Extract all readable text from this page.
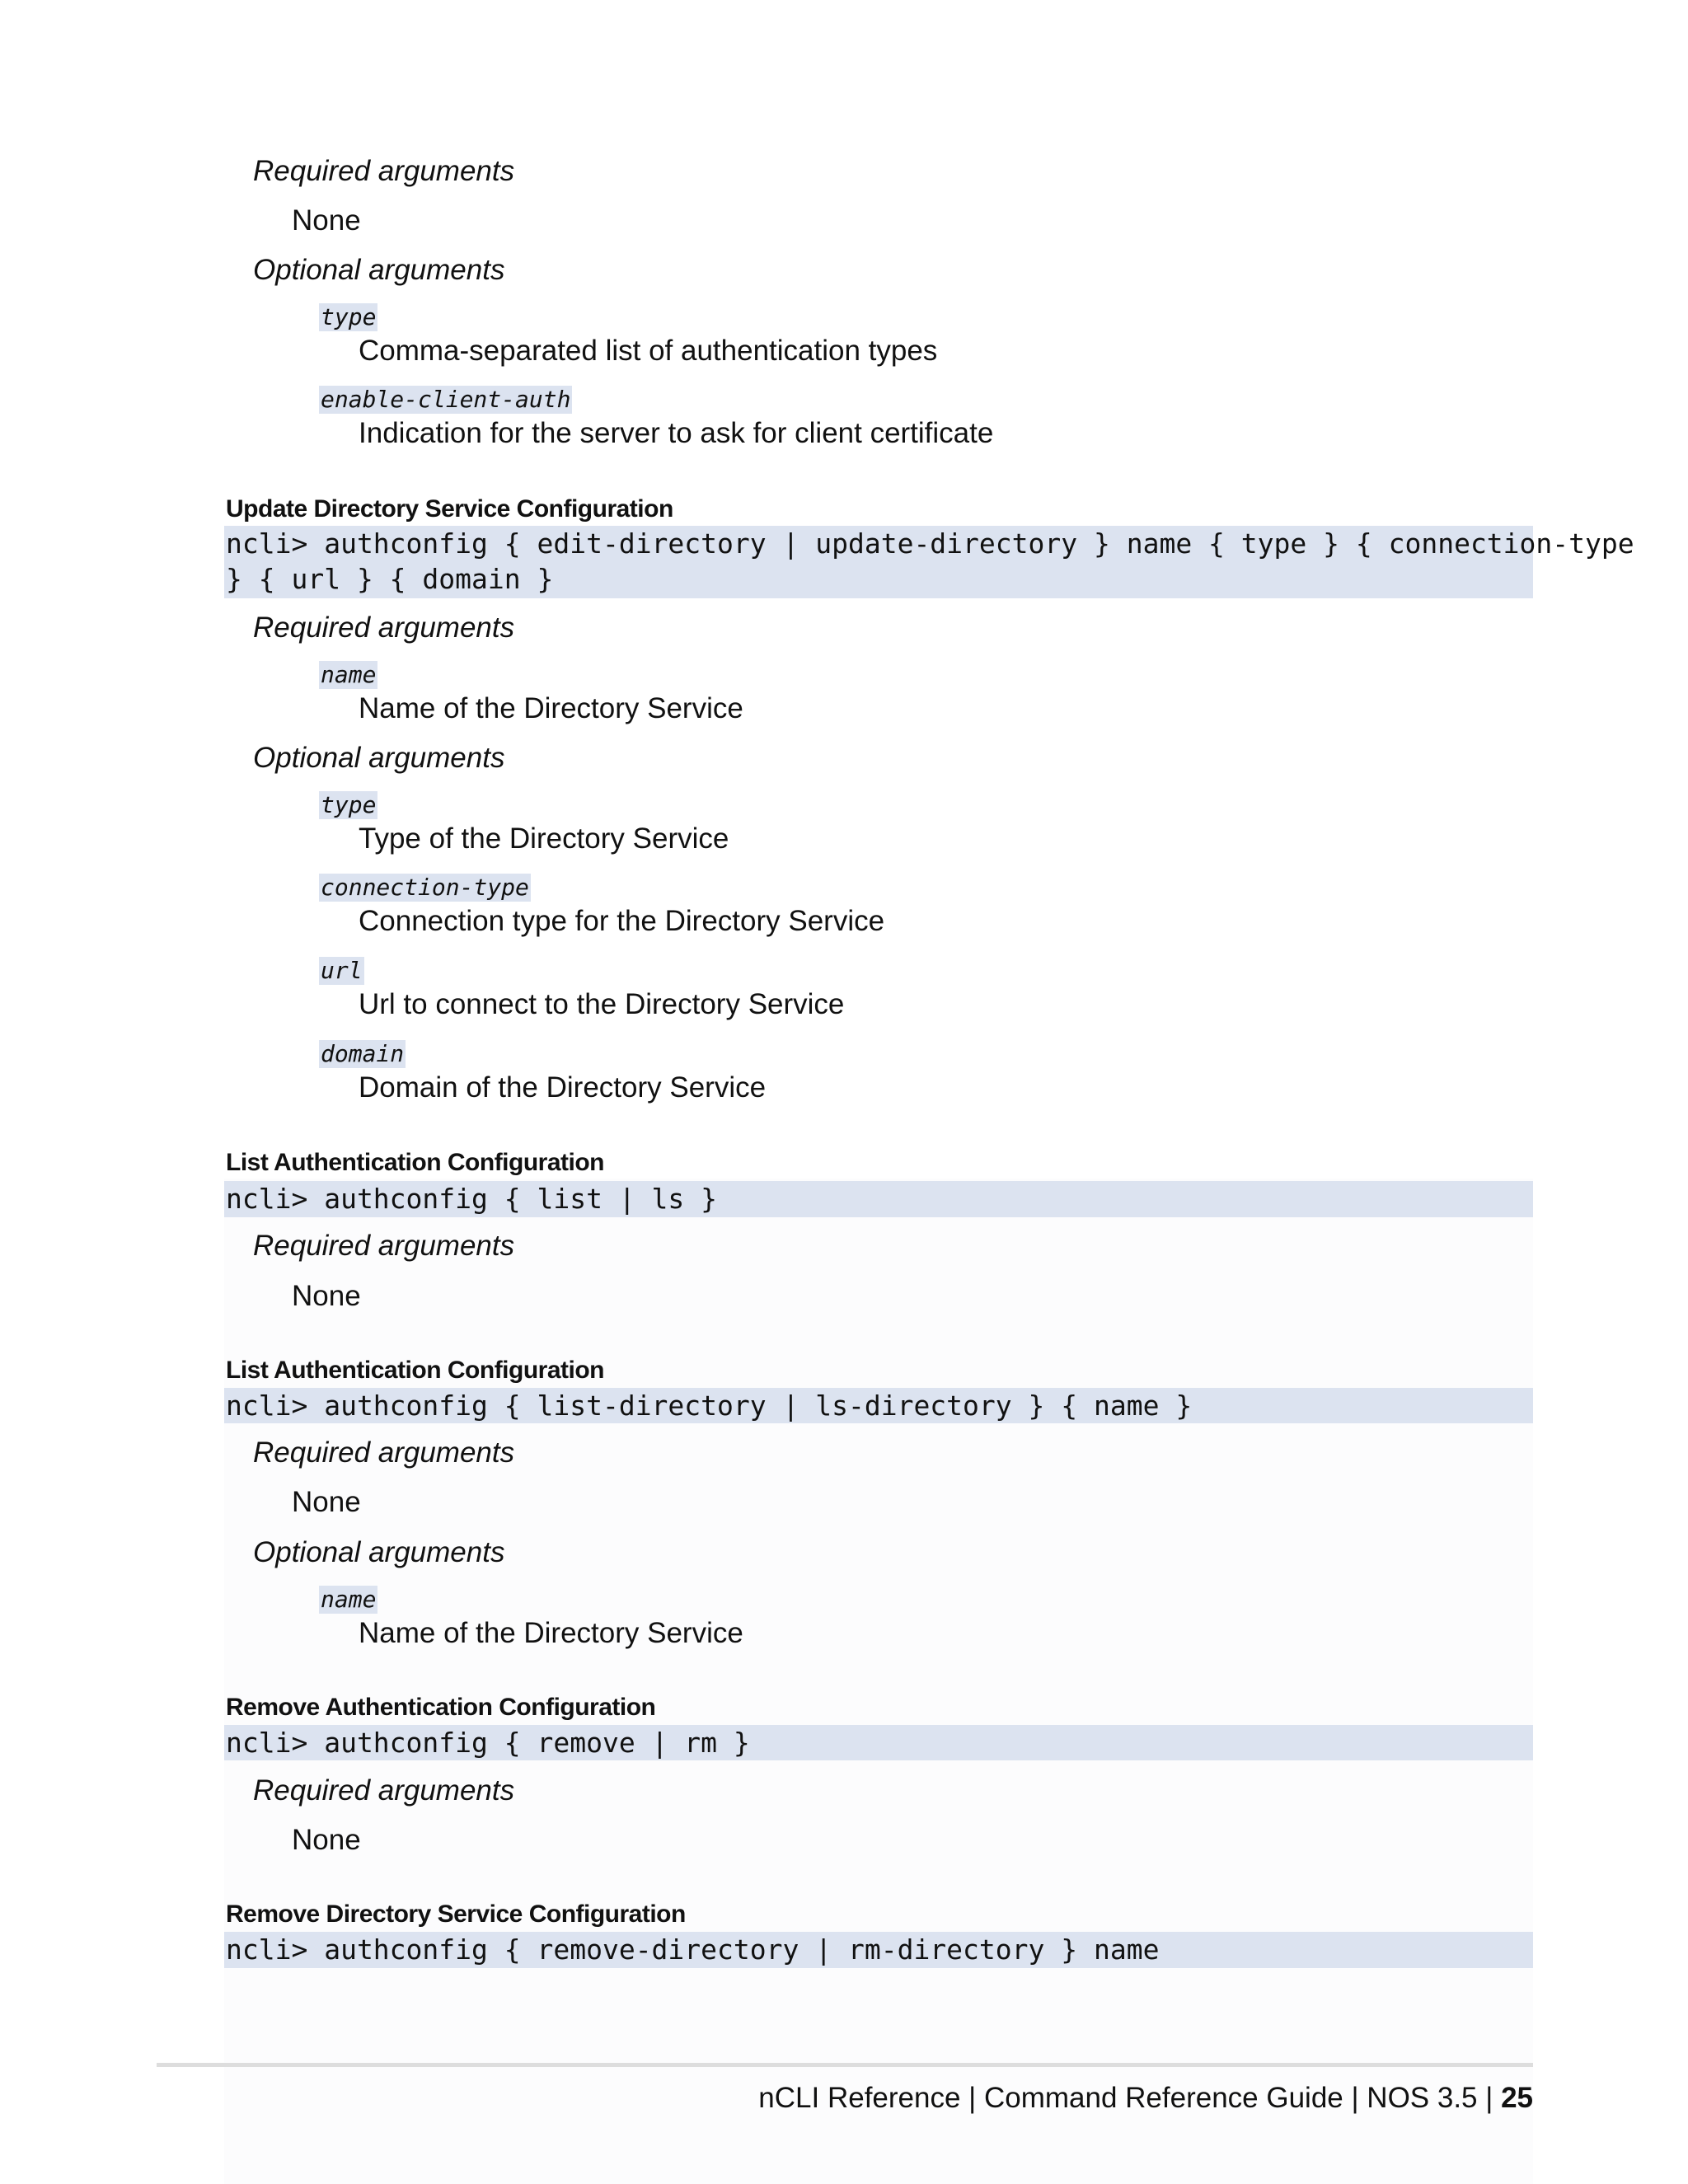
Required arguments
None
Optional arguments
type
Comma-separated list of authentication types
enable-client-auth
Indication for the server to ask for client certificate
Update Directory Service Configuration
ncli> authconfig { edit-directory | update-directory } name { type } { connection-type
} { url } { domain }
Required arguments
name
Name of the Directory Service
Optional arguments
type
Type of the Directory Service
connection-type
Connection type for the Directory Service
url
Url to connect to the Directory Service
domain
Domain of the Directory Service
List Authentication Configuration
ncli> authconfig { list | ls }
Required arguments
None
List Authentication Configuration
ncli> authconfig { list-directory | ls-directory } { name }
Required arguments
None
Optional arguments
name
Name of the Directory Service
Remove Authentication Configuration
ncli> authconfig { remove | rm }
Required arguments
None
Remove Directory Service Configuration
ncli> authconfig { remove-directory | rm-directory } name
nCLI Reference | Command Reference Guide | NOS 3.5 | 25
